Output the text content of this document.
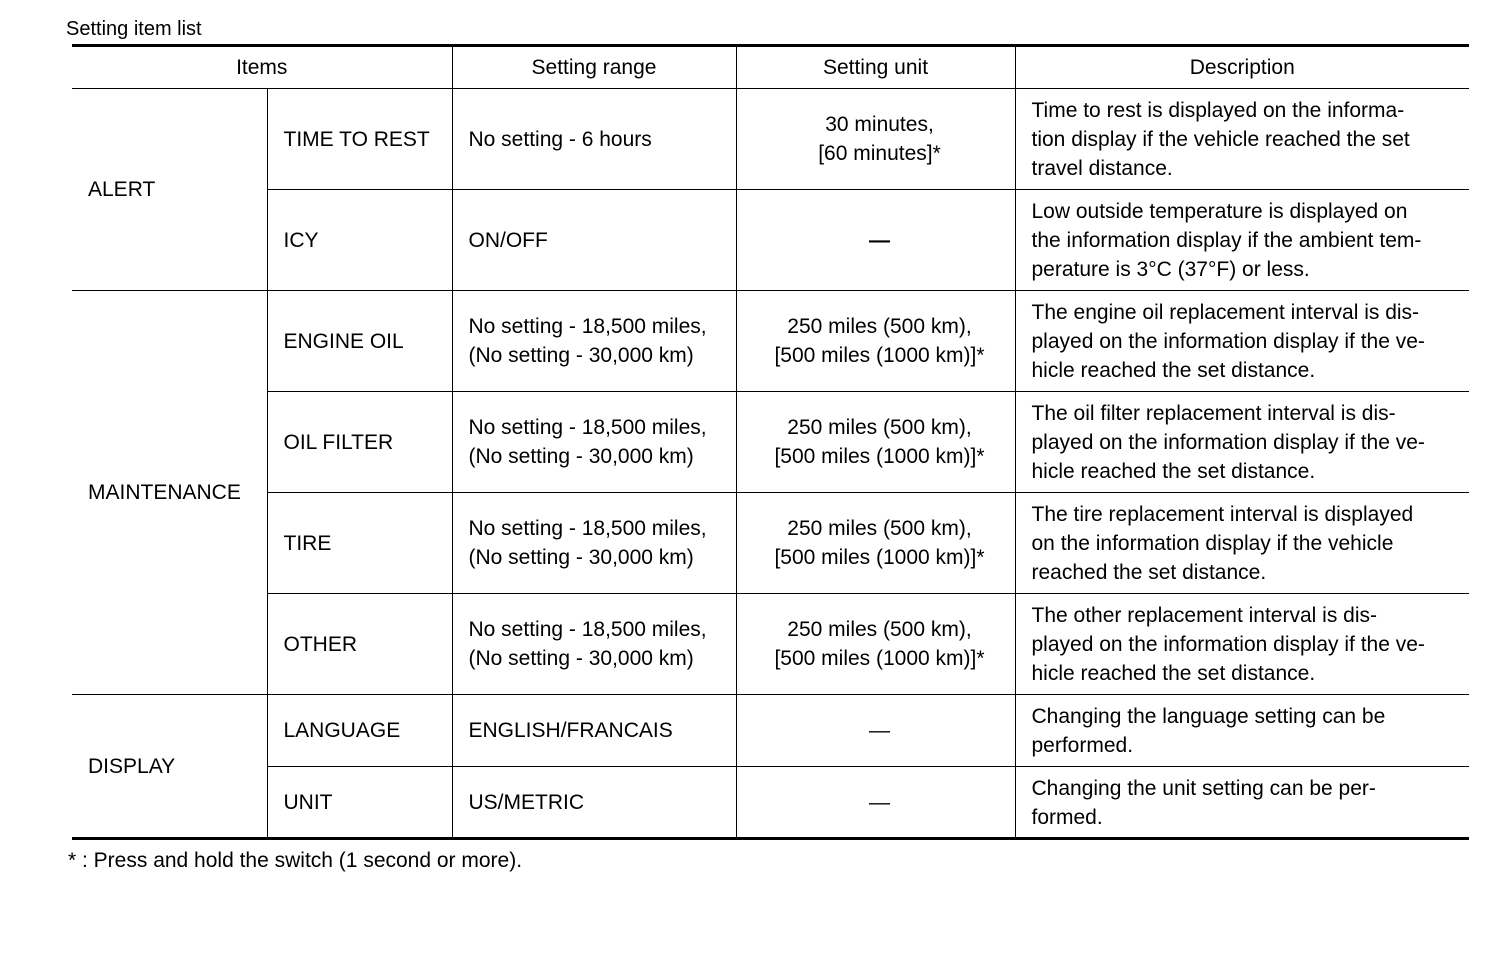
Setting item list
Items		Setting range	Setting unit	Description
ALERT	TIME TO REST	No setting - 6 hours	30 minutes,
[60 minutes]*	Time to rest is displayed on the informa-
tion display if the vehicle reached the set
travel distance.

	ICY	ON/OFF	—	Low outside temperature is displayed on
the information display if the ambient tem-
perature is 3°C (37°F) or less.

MAINTENANCE	ENGINE OIL	No setting - 18,500 miles,
(No setting - 30,000 km)	250 miles (500 km),
[500 miles (1000 km)]*	The engine oil replacement interval is dis-
played on the information display if the ve-
hicle reached the set distance.

	OIL FILTER	No setting - 18,500 miles,
(No setting - 30,000 km)	250 miles (500 km),
[500 miles (1000 km)]*	The oil filter replacement interval is dis-
played on the information display if the ve-
hicle reached the set distance.

	TIRE	No setting - 18,500 miles,
(No setting - 30,000 km)	250 miles (500 km),
[500 miles (1000 km)]*	The tire replacement interval is displayed
on the information display if the vehicle
reached the set distance.

	OTHER	No setting - 18,500 miles,
(No setting - 30,000 km)	250 miles (500 km),
[500 miles (1000 km)]*	The other replacement interval is dis-
played on the information display if the ve-
hicle reached the set distance.

DISPLAY	LANGUAGE	ENGLISH/FRANCAIS	—	Changing the language setting can be
performed.

	UNIT	US/METRIC	—	Changing the unit setting can be per-
formed.
* : Press and hold the switch (1 second or more).
